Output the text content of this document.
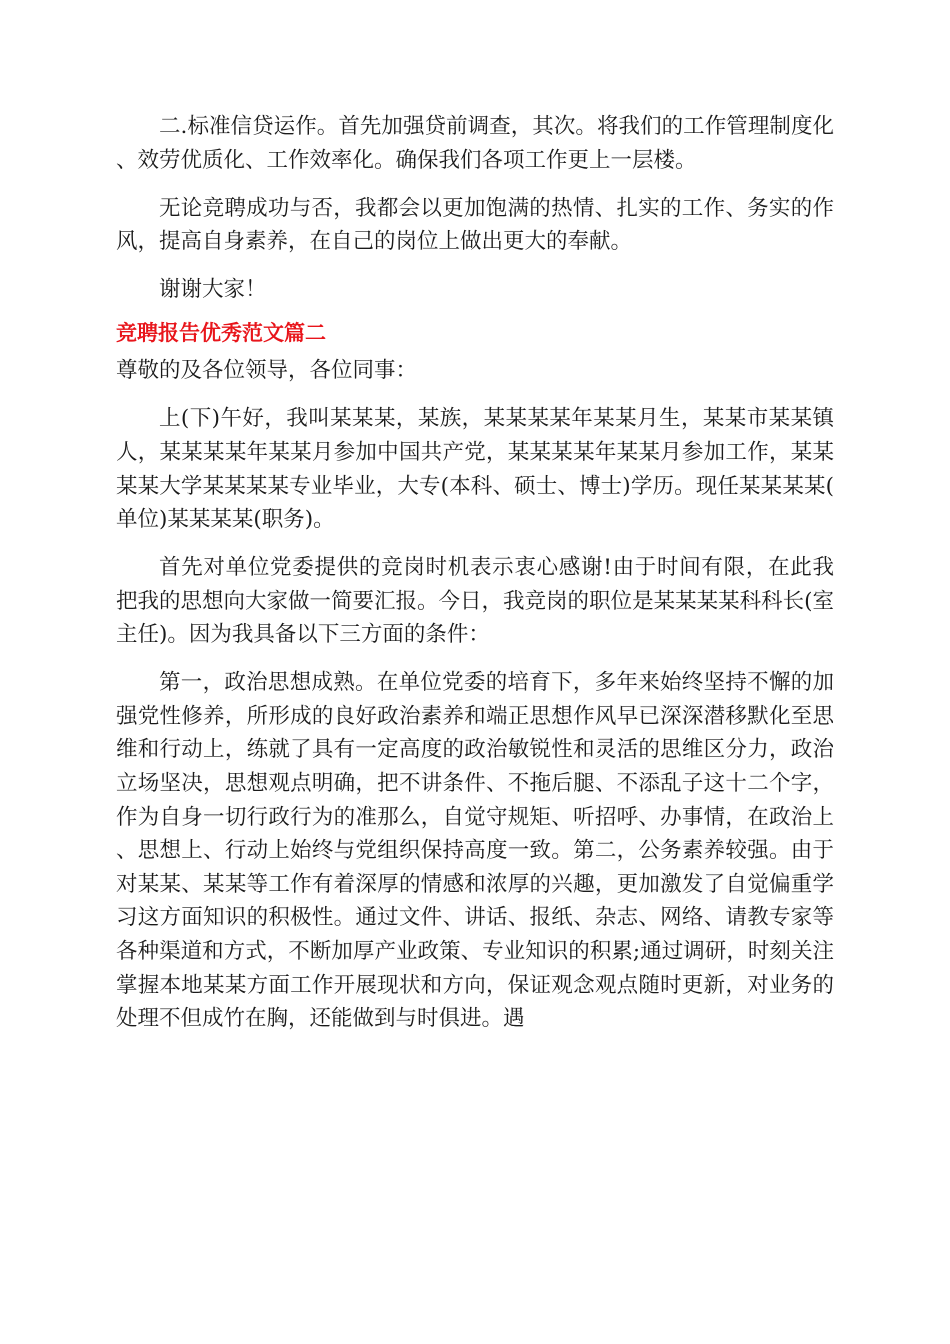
二.标准信贷运作。首先加强贷前调查，其次。将我们的工作管理制度化、效劳优质化、工作效率化。确保我们各项工作更上一层楼。

无论竞聘成功与否，我都会以更加饱满的热情、扎实的工作、务实的作风，提高自身素养，在自己的岗位上做出更大的奉献。

谢谢大家！

竞聘报告优秀范文篇二

尊敬的及各位领导，各位同事：

上(下)午好，我叫某某某，某族，某某某某年某某月生，某某市某某镇人，某某某某年某某月参加中国共产党，某某某某年某某月参加工作，某某某某大学某某某某专业毕业，大专(本科、硕士、博士)学历。现任某某某某(单位)某某某某(职务)。

首先对单位党委提供的竞岗时机表示衷心感谢!由于时间有限，在此我把我的思想向大家做一简要汇报。今日，我竞岗的职位是某某某某科科长(室主任)。因为我具备以下三方面的条件：

第一，政治思想成熟。在单位党委的培育下，多年来始终坚持不懈的加强党性修养，所形成的良好政治素养和端正思想作风早已深深潜移默化至思维和行动上，练就了具有一定高度的政治敏锐性和灵活的思维区分力，政治立场坚决，思想观点明确，把不讲条件、不拖后腿、不添乱子这十二个字，作为自身一切行政行为的准那么，自觉守规矩、听招呼、办事情，在政治上、思想上、行动上始终与党组织保持高度一致。第二，公务素养较强。由于对某某、某某等工作有着深厚的情感和浓厚的兴趣，更加激发了自觉偏重学习这方面知识的积极性。通过文件、讲话、报纸、杂志、网络、请教专家等各种渠道和方式，不断加厚产业政策、专业知识的积累;通过调研，时刻关注掌握本地某某方面工作开展现状和方向，保证观念观点随时更新，对业务的处理不但成竹在胸，还能做到与时俱进。遇
